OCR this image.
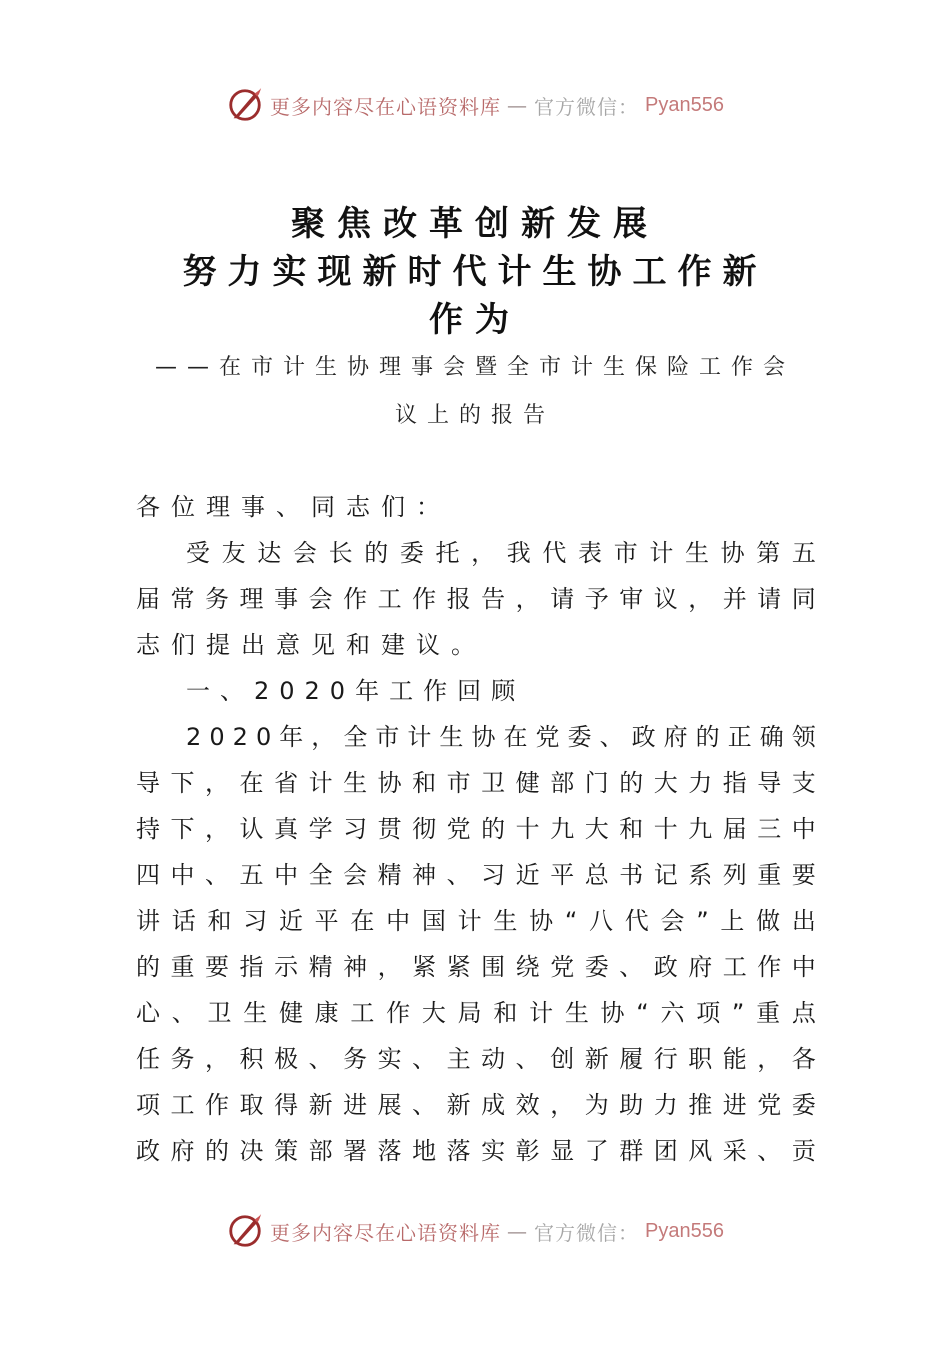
更多内容尽在心语资料库 — 官方微信： Pyan556
聚焦改革创新发展
努力实现新时代计生协工作新
作为
——在市计生协理事会暨全市计生保险工作会
议上的报告
各位理事、同志们：
受 友 达 会 长 的 委 托 ， 我 代 表 市 计 生 协 第 五
届 常 务 理 事 会 作 工 作 报 告 ， 请 予 审 议 ， 并 请 同
志们提出意见和建议。
一、2020年工作回顾
2 0 2 0 年 ， 全 市 计 生 协 在 党 委 、 政 府 的 正 确 领
导 下 ， 在 省 计 生 协 和 市 卫 健 部 门 的 大 力 指 导 支
持 下 ， 认 真 学 习 贯 彻 党 的 十 九 大 和 十 九 届 三 中
四 中 、 五 中 全 会 精 神 、 习 近 平 总 书 记 系 列 重 要
讲 话 和 习 近 平 在 中 国 计 生 协 “ 八 代 会 ” 上 做 出
的 重 要 指 示 精 神 ， 紧 紧 围 绕 党 委 、 政 府 工 作 中
心 、 卫 生 健 康 工 作 大 局 和 计 生 协 “ 六 项 ” 重 点
任 务 ， 积 极 、 务 实 、 主 动 、 创 新 履 行 职 能 ， 各
项 工 作 取 得 新 进 展 、 新 成 效 ， 为 助 力 推 进 党 委
政 府 的 决 策 部 署 落 地 落 实 彰 显 了 群 团 风 采 、 贡
更多内容尽在心语资料库 — 官方微信： Pyan556
